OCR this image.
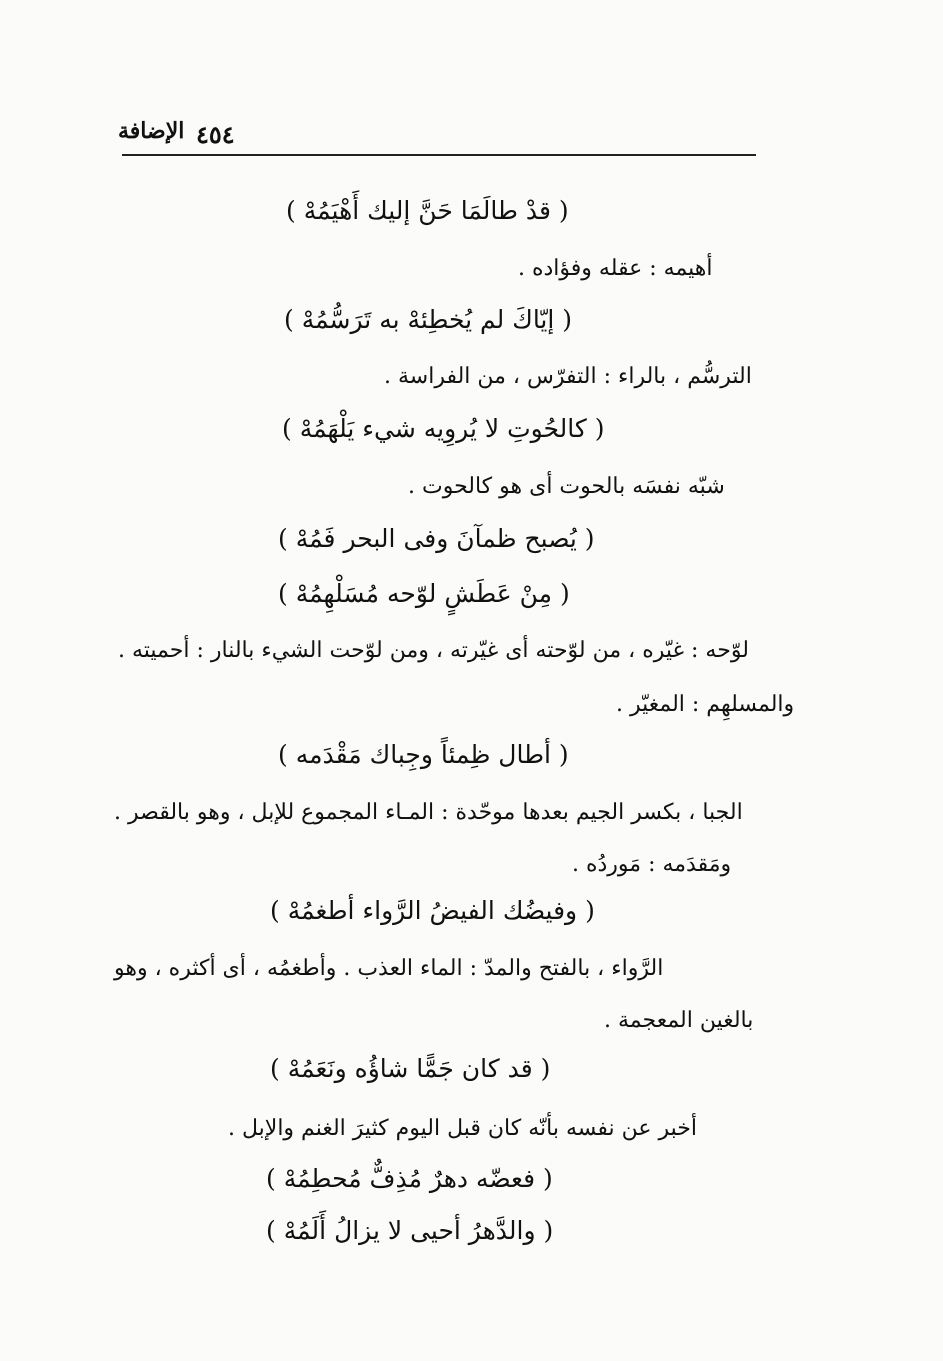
٤٥٤
الإضافة
( قدْ طالَمَا حَنَّ إليك أَهْيَمُهْ )
أهيمه : عقله وفؤاده .
( إيّاكَ لم يُخطِئهْ به تَرَسُّمُهْ )
الترسُّم ، بالراء : التفرّس ، من الفراسة .
( كالحُوتِ لا يُروِيه شيء يَلْهَمُهْ )
شبّه نفسَه بالحوت أى هو كالحوت .
( يُصبح ظمآنَ وفى البحر فَمُهْ )
( مِنْ عَطَشٍ لوّحه مُسَلْهِمُهْ )
لوّحه : غيّره ، من لوّحته أى غيّرته ، ومن لوّحت الشيء بالنار : أحميته .
والمسلهِم : المغيّر .
( أطال ظِمئاً وجِباك مَقْدَمه )
الجبا ، بكسر الجيم بعدها موحّدة : المـاء المجموع للإبل ، وهو بالقصر .
ومَقدَمه : مَوردُه .
( وفيضُك الفيضُ الرَّواء أطغمُهْ )
الرَّواء ، بالفتح والمدّ : الماء العذب . وأطغمُه ، أى أكثره ، وهو
بالغين المعجمة .
( قد كان جَمًّا شاؤُه ونَعَمُهْ )
أخبر عن نفسه بأنّه كان قبل اليوم كثيرَ الغنم والإبل .
( فعضّه دهرٌ مُذِفٌّ مُحطِمُهْ )
( والدَّهرُ أحيى لا يزالُ أَلَمُهْ )
